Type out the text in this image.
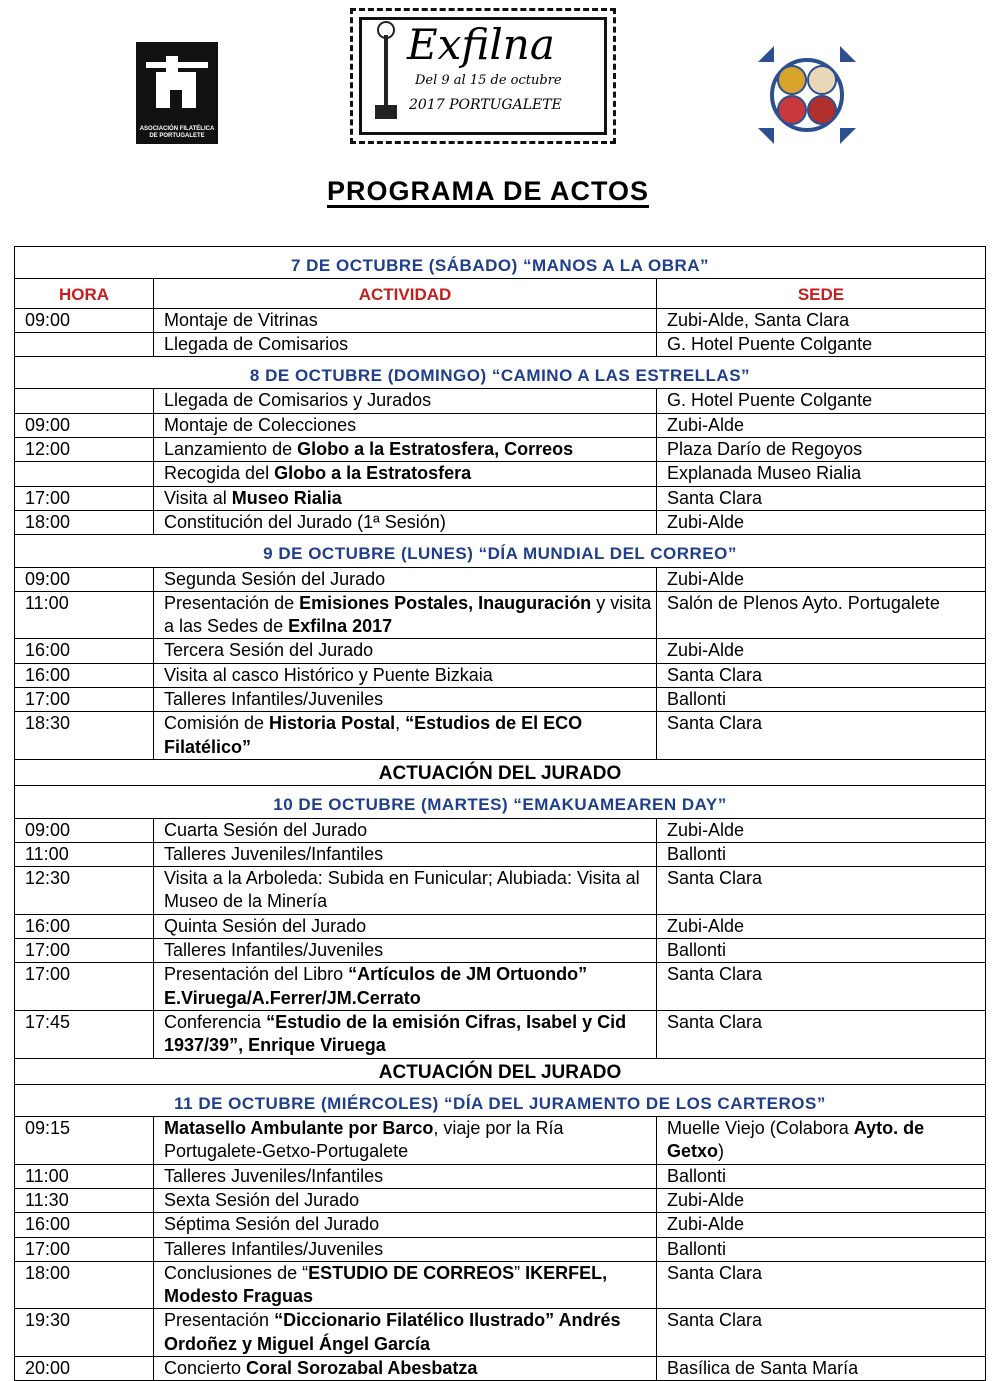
ASOCIACIÓN FILATÉLICA DE PORTUGALETE
Exfilna
Del 9 al 15 de octubre
2017 PORTUGALETE
PROGRAMA DE ACTOS
7 DE OCTUBRE (SÁBADO) “MANOS A LA OBRA”		
HORA	ACTIVIDAD	SEDE
09:00	Montaje de Vitrinas	Zubi-Alde, Santa Clara
	Llegada de Comisarios	G. Hotel Puente Colgante
8 DE OCTUBRE (DOMINGO) “CAMINO A LAS ESTRELLAS”		
	Llegada de Comisarios y Jurados	G. Hotel Puente Colgante
09:00	Montaje de Colecciones	Zubi-Alde
12:00	Lanzamiento de Globo a la Estratosfera, Correos	Plaza Darío de Regoyos
	Recogida del Globo a la Estratosfera	Explanada Museo Rialia
17:00	Visita al Museo Rialia	Santa Clara
18:00	Constitución del Jurado (1ª Sesión)	Zubi-Alde
9 DE OCTUBRE (LUNES) “DÍA MUNDIAL DEL CORREO”		
09:00	Segunda Sesión del Jurado	Zubi-Alde
11:00	Presentación de Emisiones Postales, Inauguración y visita a las Sedes de Exfilna 2017	Salón de Plenos Ayto. Portugalete
16:00	Tercera Sesión del Jurado	Zubi-Alde
16:00	Visita al casco Histórico y Puente Bizkaia	Santa Clara
17:00	Talleres Infantiles/Juveniles	Ballonti
18:30	Comisión de Historia Postal, “Estudios de El ECO Filatélico”	Santa Clara
ACTUACIÓN DEL JURADO		
10 DE OCTUBRE (MARTES) “EMAKUAMEAREN DAY”		
09:00	Cuarta Sesión del Jurado	Zubi-Alde
11:00	Talleres Juveniles/Infantiles	Ballonti
12:30	Visita a la Arboleda: Subida en Funicular; Alubiada: Visita al Museo de la Minería	Santa Clara
16:00	Quinta Sesión del Jurado	Zubi-Alde
17:00	Talleres Infantiles/Juveniles	Ballonti
17:00	Presentación del Libro “Artículos de JM Ortuondo” E.Viruega/A.Ferrer/JM.Cerrato	Santa Clara
17:45	Conferencia “Estudio de la emisión Cifras, Isabel y Cid 1937/39”, Enrique Viruega	Santa Clara
ACTUACIÓN DEL JURADO		
11 DE OCTUBRE (MIÉRCOLES) “DÍA DEL JURAMENTO DE LOS CARTEROS”		
09:15	Matasello Ambulante por Barco, viaje por la Ría Portugalete-Getxo-Portugalete	Muelle Viejo (Colabora Ayto. de Getxo)
11:00	Talleres Juveniles/Infantiles	Ballonti
11:30	Sexta Sesión del Jurado	Zubi-Alde
16:00	Séptima Sesión del Jurado	Zubi-Alde
17:00	Talleres Infantiles/Juveniles	Ballonti
18:00	Conclusiones de “ESTUDIO DE CORREOS” IKERFEL, Modesto Fraguas	Santa Clara
19:30	Presentación “Diccionario Filatélico Ilustrado” Andrés Ordoñez y Miguel Ángel García	Santa Clara
20:00	Concierto Coral Sorozabal Abesbatza	Basílica de Santa María
